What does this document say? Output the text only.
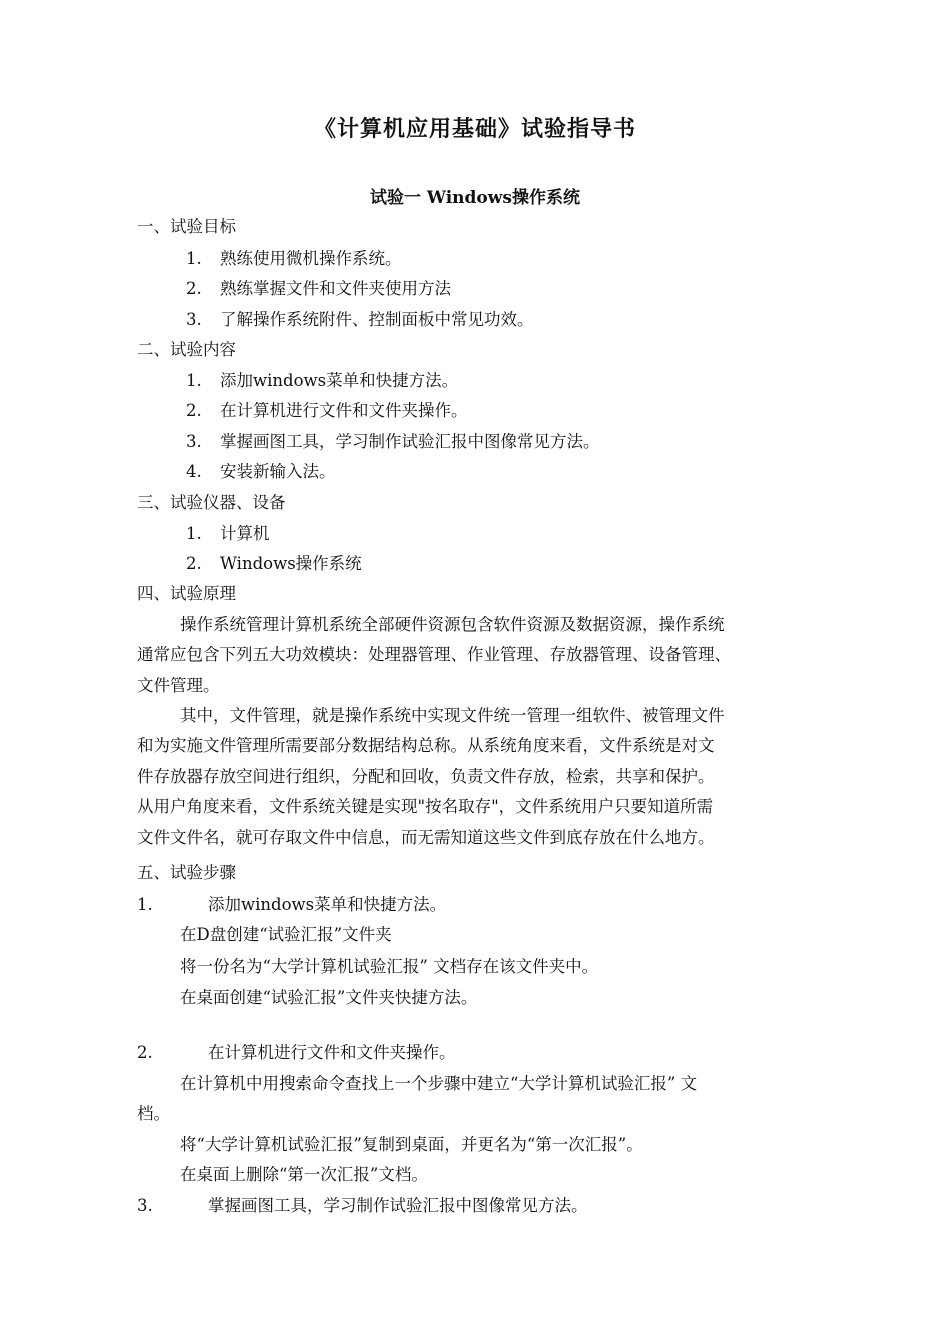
《计算机应用基础》试验指导书
试验一 Windows操作系统
一、试验目标
1. 熟练使用微机操作系统。
2. 熟练掌握文件和文件夹使用方法
3. 了解操作系统附件、控制面板中常见功效。
二、试验内容
1. 添加windows菜单和快捷方法。
2. 在计算机进行文件和文件夹操作。
3. 掌握画图工具，学习制作试验汇报中图像常见方法。
4. 安装新输入法。
三、试验仪器、设备
1. 计算机
2. Windows操作系统
四、试验原理
操作系统管理计算机系统全部硬件资源包含软件资源及数据资源，操作系统
通常应包含下列五大功效模块：处理器管理、作业管理、存放器管理、设备管理、
文件管理。
其中，文件管理，就是操作系统中实现文件统一管理一组软件、被管理文件
和为实施文件管理所需要部分数据结构总称。从系统角度来看，文件系统是对文
件存放器存放空间进行组织，分配和回收，负责文件存放，检索，共享和保护。
从用户角度来看，文件系统关键是实现"按名取存"，文件系统用户只要知道所需
文件文件名，就可存取文件中信息，而无需知道这些文件到底存放在什么地方。
五、试验步骤
1.	添加windows菜单和快捷方法。
在D盘创建“试验汇报”文件夹
将一份名为“大学计算机试验汇报” 文档存在该文件夹中。
在桌面创建“试验汇报”文件夹快捷方法。
2.	在计算机进行文件和文件夹操作。
在计算机中用搜索命令查找上一个步骤中建立“大学计算机试验汇报” 文
档。
将“大学计算机试验汇报”复制到桌面，并更名为“第一次汇报”。
在桌面上删除“第一次汇报”文档。
3.	掌握画图工具，学习制作试验汇报中图像常见方法。
